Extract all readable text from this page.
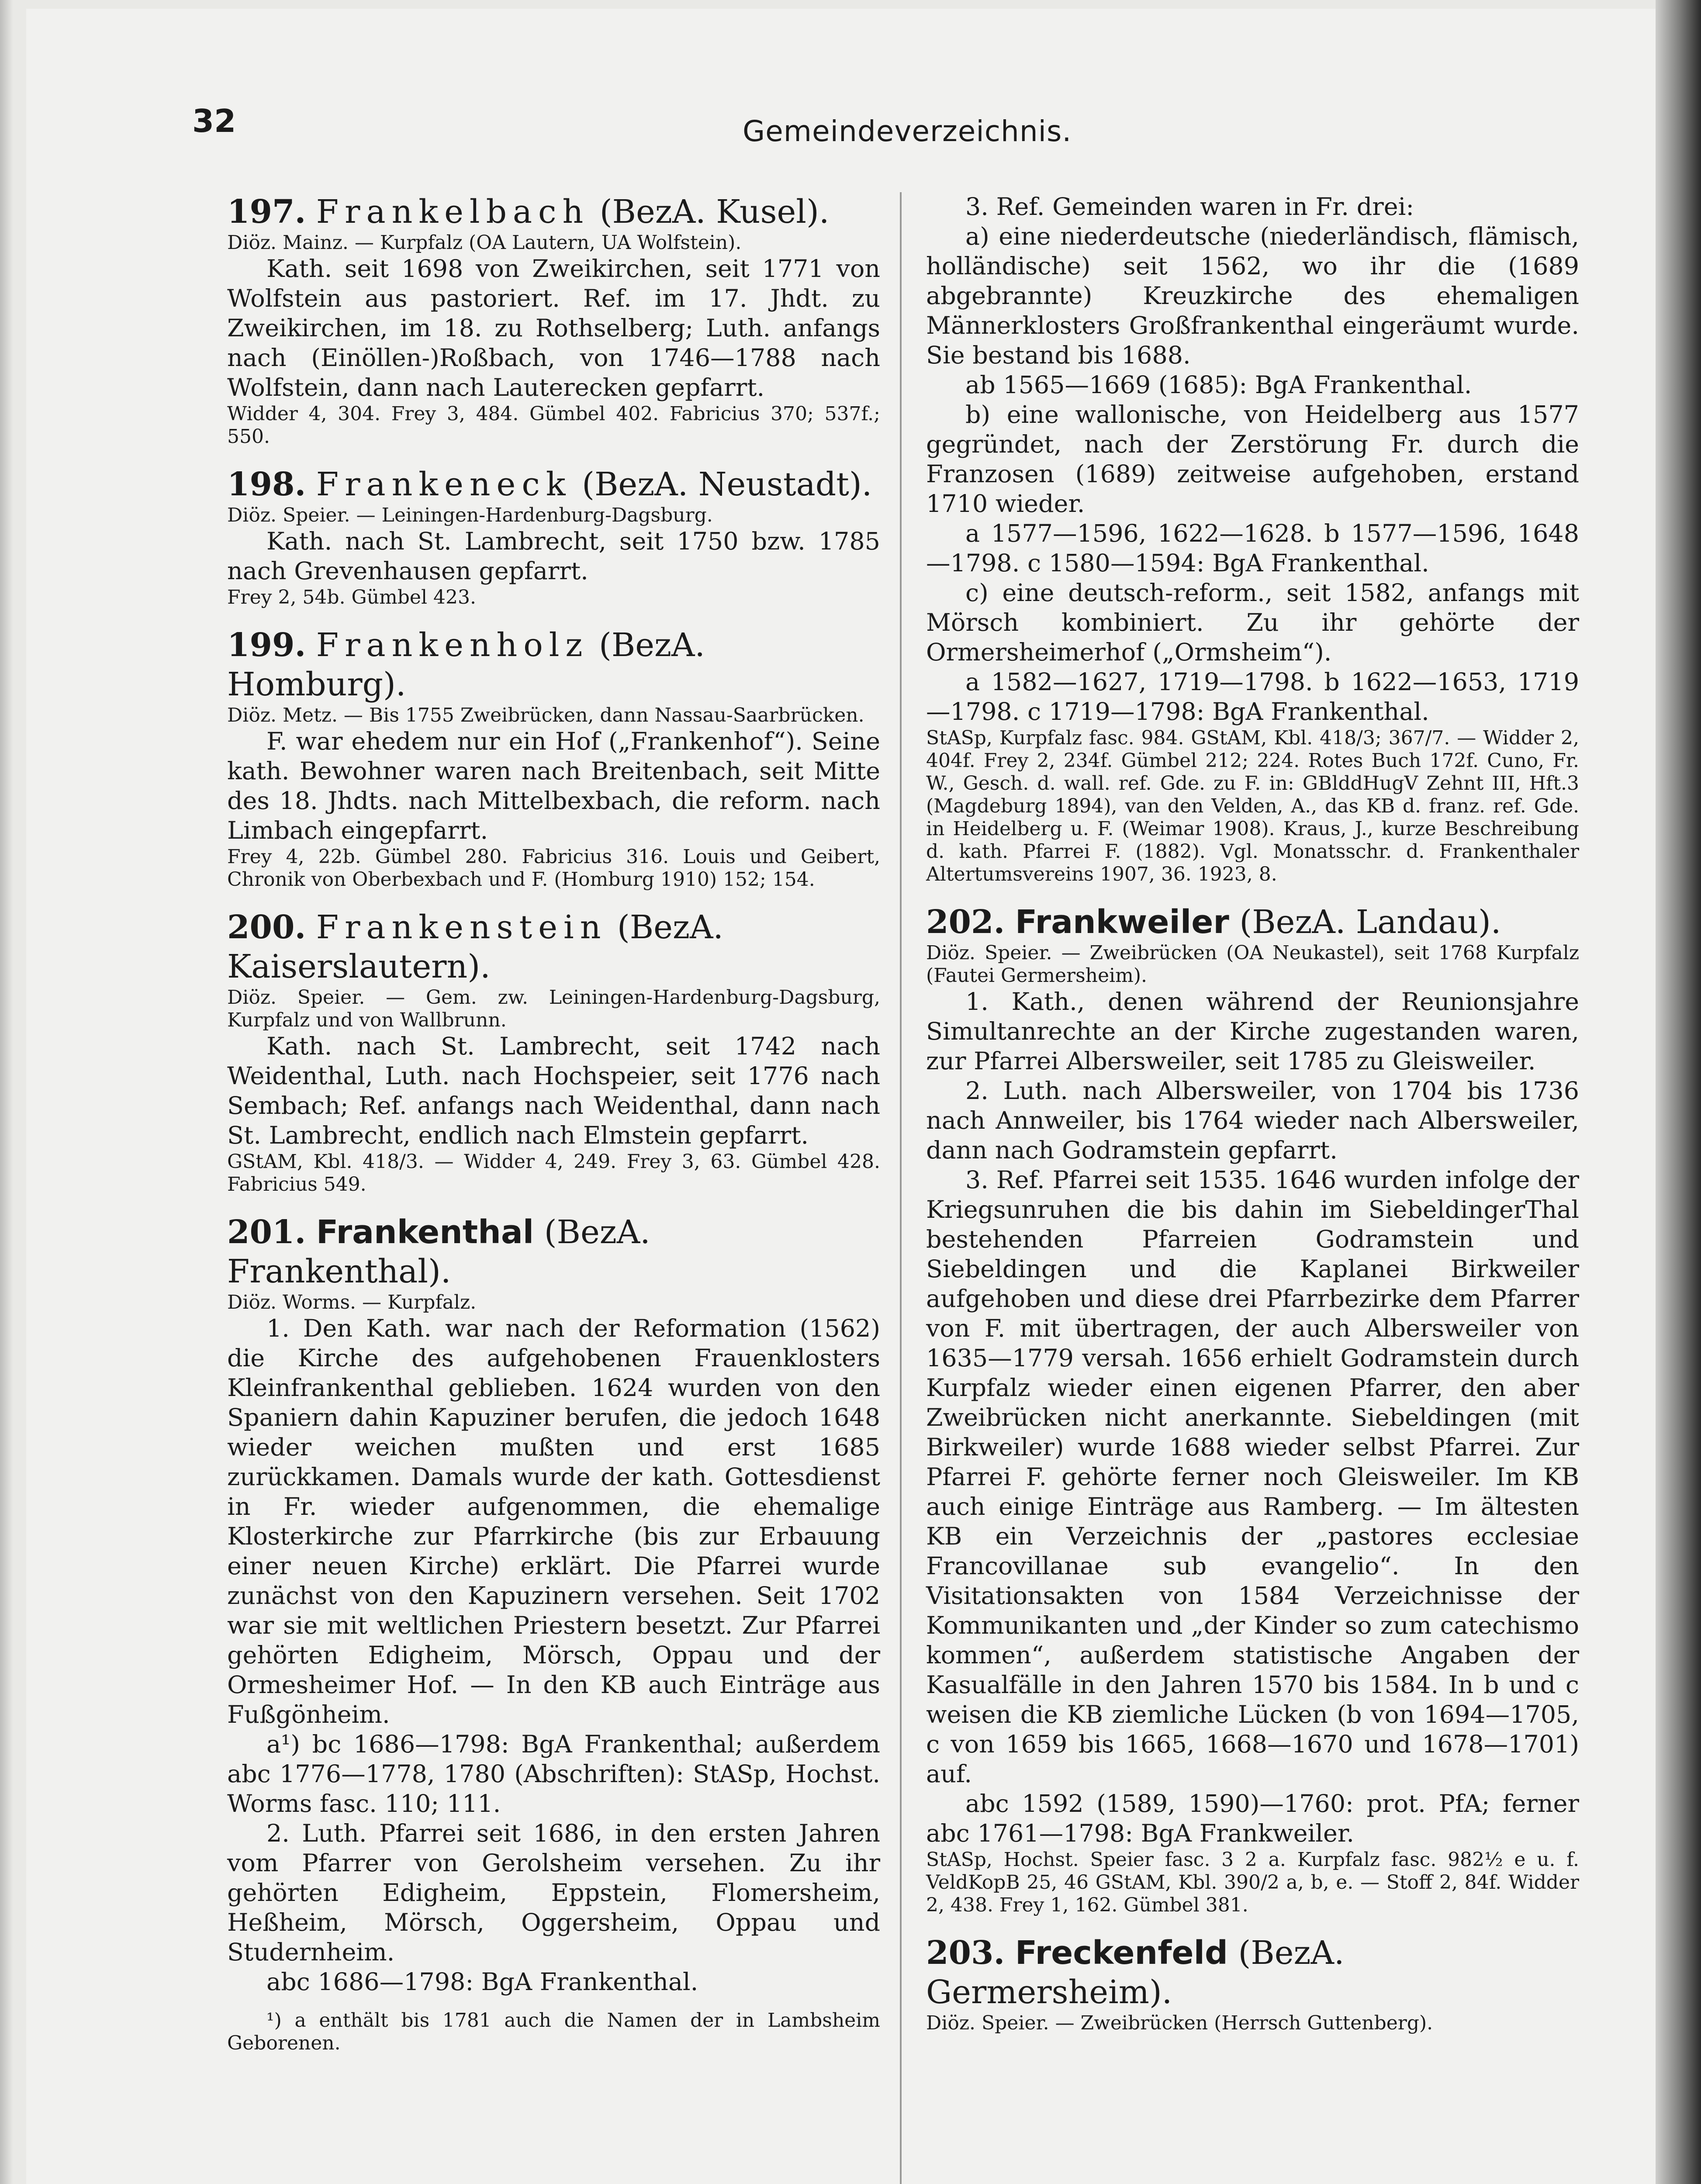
32	Gemeindeverzeichnis.

197. Frankelbach (BezA. Kusel).

Diöz. Mainz. — Kurpfalz (OA Lautern, UA Wolfstein).

Kath. seit 1698 von Zweikirchen, seit 1771 von Wolfstein aus pastoriert. Ref. im 17. Jhdt. zu Zweikirchen, im 18. zu Rothselberg; Luth. anfangs nach (Einöllen-)Roßbach, von 1746—1788 nach Wolfstein, dann nach Lauterecken gepfarrt.

Widder 4, 304. Frey 3, 484. Gümbel 402. Fabricius 370; 537f.; 550.

198. Frankeneck (BezA. Neustadt).

Diöz. Speier. — Leiningen-Hardenburg-Dagsburg.

Kath. nach St. Lambrecht, seit 1750 bzw. 1785 nach Grevenhausen gepfarrt.

Frey 2, 54b. Gümbel 423.

199. Frankenholz (BezA. Homburg).

Diöz. Metz. — Bis 1755 Zweibrücken, dann Nassau-Saarbrücken.

F. war ehedem nur ein Hof („Frankenhof“). Seine kath. Bewohner waren nach Breitenbach, seit Mitte des 18. Jhdts. nach Mittelbexbach, die reform. nach Limbach eingepfarrt.

Frey 4, 22b. Gümbel 280. Fabricius 316. Louis und Geibert, Chronik von Oberbexbach und F. (Homburg 1910) 152; 154.

200. Frankenstein (BezA. Kaiserslautern).

Diöz. Speier. — Gem. zw. Leiningen-Hardenburg-Dagsburg, Kurpfalz und von Wallbrunn.

Kath. nach St. Lambrecht, seit 1742 nach Weidenthal, Luth. nach Hochspeier, seit 1776 nach Sembach; Ref. anfangs nach Weidenthal, dann nach St. Lambrecht, endlich nach Elmstein gepfarrt.

GStAM, Kbl. 418/3. — Widder 4, 249. Frey 3, 63. Gümbel 428. Fabricius 549.

201. Frankenthal (BezA. Frankenthal).

Diöz. Worms. — Kurpfalz.

1. Den Kath. war nach der Reformation (1562) die Kirche des aufgehobenen Frauenklosters Kleinfrankenthal geblieben. 1624 wurden von den Spaniern dahin Kapuziner berufen, die jedoch 1648 wieder weichen mußten und erst 1685 zurückkamen. Damals wurde der kath. Gottesdienst in Fr. wieder aufgenommen, die ehemalige Klosterkirche zur Pfarrkirche (bis zur Erbauung einer neuen Kirche) erklärt. Die Pfarrei wurde zunächst von den Kapuzinern versehen. Seit 1702 war sie mit weltlichen Priestern besetzt. Zur Pfarrei gehörten Edigheim, Mörsch, Oppau und der Ormesheimer Hof. — In den KB auch Einträge aus Fußgönheim.

a¹) bc 1686—1798: BgA Frankenthal; außerdem abc 1776—1778, 1780 (Abschriften): StASp, Hochst. Worms fasc. 110; 111.

2. Luth. Pfarrei seit 1686, in den ersten Jahren vom Pfarrer von Gerolsheim versehen. Zu ihr gehörten Edigheim, Eppstein, Flomersheim, Heßheim, Mörsch, Oggersheim, Oppau und Studernheim.

abc 1686—1798: BgA Frankenthal.

¹) a enthält bis 1781 auch die Namen der in Lambsheim Geborenen.

3. Ref. Gemeinden waren in Fr. drei:

a) eine niederdeutsche (niederländisch, flämisch, holländische) seit 1562, wo ihr die (1689 abgebrannte) Kreuzkirche des ehemaligen Männerklosters Großfrankenthal eingeräumt wurde. Sie bestand bis 1688.

ab 1565—1669 (1685): BgA Frankenthal.

b) eine wallonische, von Heidelberg aus 1577 gegründet, nach der Zerstörung Fr. durch die Franzosen (1689) zeitweise aufgehoben, erstand 1710 wieder.

a 1577—1596, 1622—1628. b 1577—1596, 1648—1798. c 1580—1594: BgA Frankenthal.

c) eine deutsch-reform., seit 1582, anfangs mit Mörsch kombiniert. Zu ihr gehörte der Ormersheimerhof („Ormsheim“).

a 1582—1627, 1719—1798. b 1622—1653, 1719—1798. c 1719—1798: BgA Frankenthal.

StASp, Kurpfalz fasc. 984. GStAM, Kbl. 418/3; 367/7. — Widder 2, 404f. Frey 2, 234f. Gümbel 212; 224. Rotes Buch 172f. Cuno, Fr. W., Gesch. d. wall. ref. Gde. zu F. in: GBlddHugV Zehnt III, Hft.3 (Magdeburg 1894), van den Velden, A., das KB d. franz. ref. Gde. in Heidelberg u. F. (Weimar 1908). Kraus, J., kurze Beschreibung d. kath. Pfarrei F. (1882). Vgl. Monatsschr. d. Frankenthaler Altertumsvereins 1907, 36. 1923, 8.

202. Frankweiler (BezA. Landau).

Diöz. Speier. — Zweibrücken (OA Neukastel), seit 1768 Kurpfalz (Fautei Germersheim).

1. Kath., denen während der Reunionsjahre Simultanrechte an der Kirche zugestanden waren, zur Pfarrei Albersweiler, seit 1785 zu Gleisweiler.

2. Luth. nach Albersweiler, von 1704 bis 1736 nach Annweiler, bis 1764 wieder nach Albersweiler, dann nach Godramstein gepfarrt.

3. Ref. Pfarrei seit 1535. 1646 wurden infolge der Kriegsunruhen die bis dahin im SiebeldingerThal bestehenden Pfarreien Godramstein und Siebeldingen und die Kaplanei Birkweiler aufgehoben und diese drei Pfarrbezirke dem Pfarrer von F. mit übertragen, der auch Albersweiler von 1635—1779 versah. 1656 erhielt Godramstein durch Kurpfalz wieder einen eigenen Pfarrer, den aber Zweibrücken nicht anerkannte. Siebeldingen (mit Birkweiler) wurde 1688 wieder selbst Pfarrei. Zur Pfarrei F. gehörte ferner noch Gleisweiler. Im KB auch einige Einträge aus Ramberg. — Im ältesten KB ein Verzeichnis der „pastores ecclesiae Francovillanae sub evangelio“. In den Visitationsakten von 1584 Verzeichnisse der Kommunikanten und „der Kinder so zum catechismo kommen“, außerdem statistische Angaben der Kasualfälle in den Jahren 1570 bis 1584. In b und c weisen die KB ziemliche Lücken (b von 1694—1705, c von 1659 bis 1665, 1668—1670 und 1678—1701) auf.

abc 1592 (1589, 1590)—1760: prot. PfA; ferner abc 1761—1798: BgA Frankweiler.

StASp, Hochst. Speier fasc. 3 2 a. Kurpfalz fasc. 982½ e u. f. VeldKopB 25, 46 GStAM, Kbl. 390/2 a, b, e. — Stoff 2, 84f. Widder 2, 438. Frey 1, 162. Gümbel 381.

203. Freckenfeld (BezA. Germersheim).

Diöz. Speier. — Zweibrücken (Herrsch Guttenberg).
